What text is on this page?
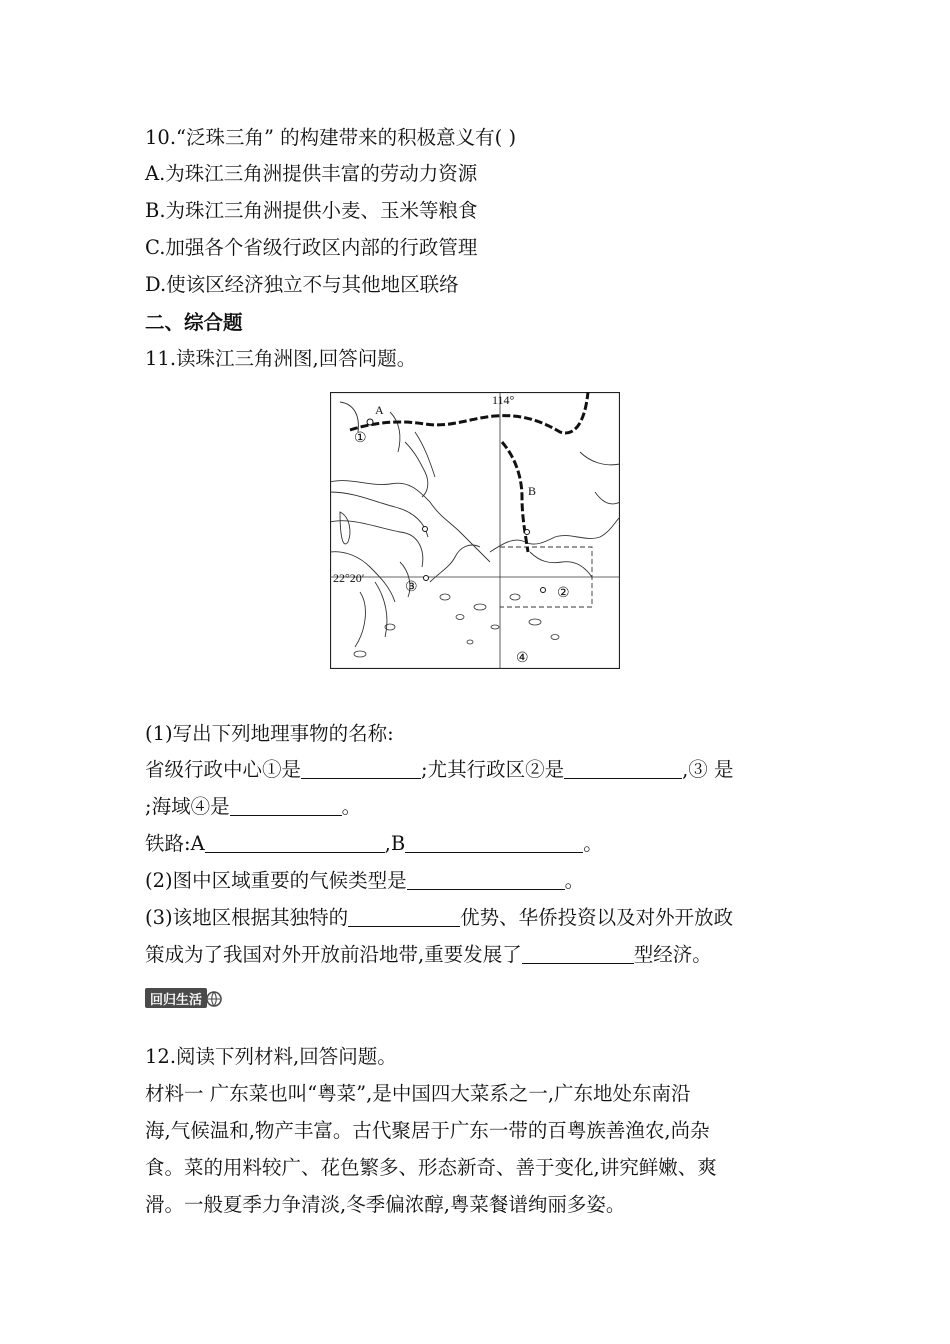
10.“泛珠三角” 的构建带来的积极意义有( )
A.为珠江三角洲提供丰富的劳动力资源
B.为珠江三角洲提供小麦、玉米等粮食
C.加强各个省级行政区内部的行政管理
D.使该区经济独立不与其他地区联络
二、综合题
11.读珠江三角洲图,回答问题。
114°
22°20′
A
B
①
②
③
④
(1)写出下列地理事物的名称:
省级行政中心①是	;尤其行政区②是	,③ 是
;海域④是	。
铁路:A	,B	。
(2)图中区域重要的气候类型是	。
(3)该地区根据其独特的	优势、华侨投资以及对外开放政
策成为了我国对外开放前沿地带,重要发展了	型经济。
回归生活
12.阅读下列材料,回答问题。
材料一 广东菜也叫“粤菜”,是中国四大菜系之一,广东地处东南沿
海,气候温和,物产丰富。古代聚居于广东一带的百粤族善渔农,尚杂
食。菜的用料较广、花色繁多、形态新奇、善于变化,讲究鲜嫩、爽
滑。一般夏季力争清淡,冬季偏浓醇,粤菜餐谱绚丽多姿。
